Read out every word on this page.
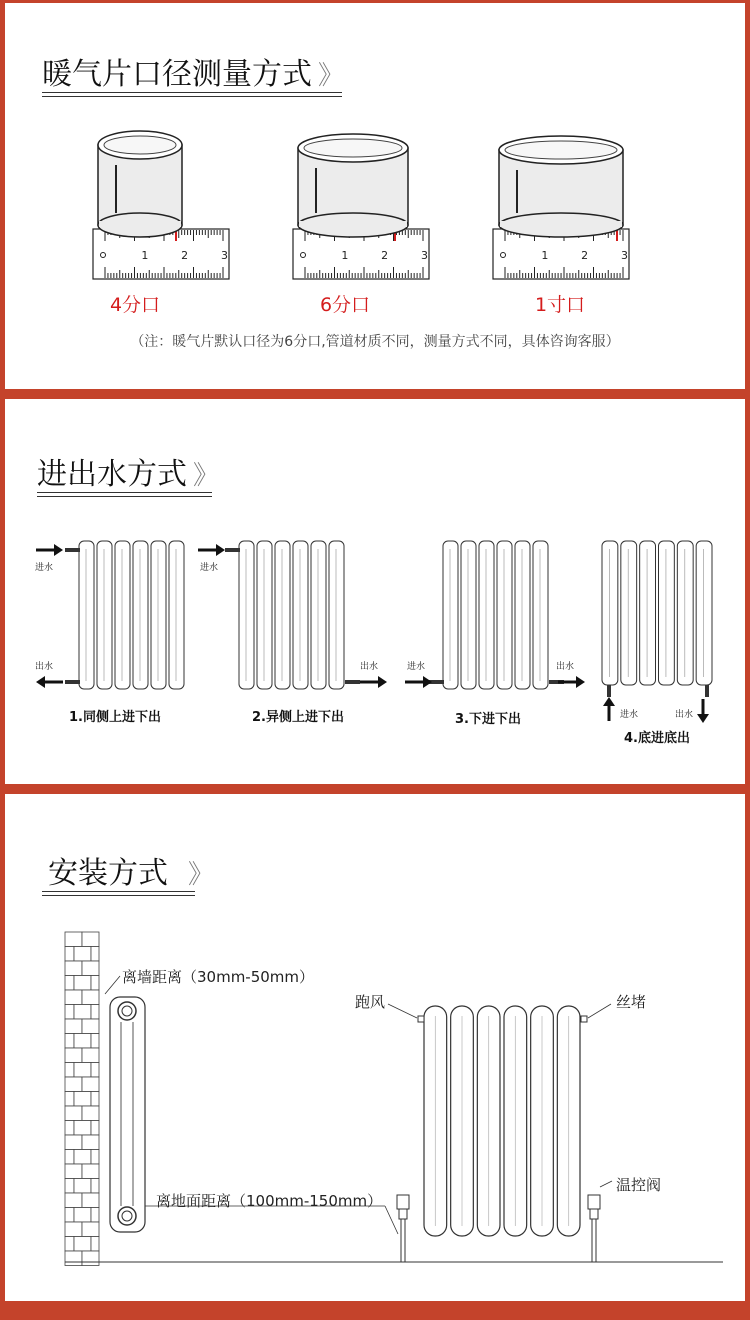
暖气片口径测量方式 》
1	2	3	1	2	3	1	2	3
4分口	6分口	1寸口
（注：暖气片默认口径为6分口,管道材质不同，测量方式不同，具体咨询客服）
进出水方式 》
进水
出水
进水
出水	进水	出水
进水	出水
1.同侧上进下出	2.异侧上进下出	3.下进下出
4.底进底出
安装方式 》
离墙距离（30mm-50mm）
离地面距离（100mm-150mm）
跑风	丝堵
温控阀
